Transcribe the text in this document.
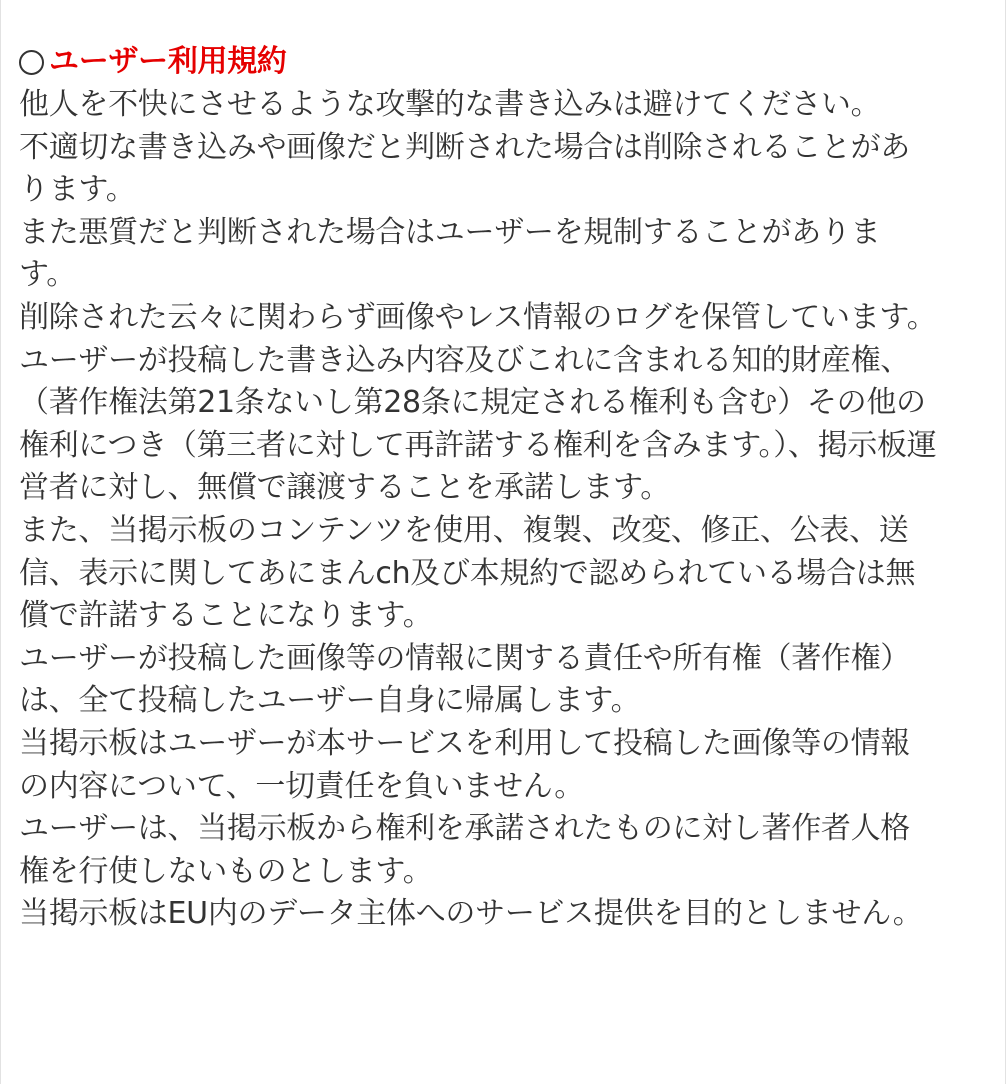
ユーザー利用規約
他人を不快にさせるような攻撃的な書き込みは避けてください。
不適切な書き込みや画像だと判断された場合は削除されることがあ
ります。
また悪質だと判断された場合はユーザーを規制することがありま
す。
削除された云々に関わらず画像やレス情報のログを保管しています。
ユーザーが投稿した書き込み内容及びこれに含まれる知的財産権、
（著作権法第21条ないし第28条に規定される権利も含む）その他の
権利につき（第三者に対して再許諾する権利を含みます。）、掲示板運
営者に対し、無償で譲渡することを承諾します。
また、当掲示板のコンテンツを使用、複製、改変、修正、公表、送
信、表示に関してあにまんch及び本規約で認められている場合は無
償で許諾することになります。
ユーザーが投稿した画像等の情報に関する責任や所有権（著作権）
は、全て投稿したユーザー自身に帰属します。
当掲示板はユーザーが本サービスを利用して投稿した画像等の情報
の内容について、一切責任を負いません。
ユーザーは、当掲示板から権利を承諾されたものに対し著作者人格
権を行使しないものとします。
当掲示板はEU内のデータ主体へのサービス提供を目的としません。
